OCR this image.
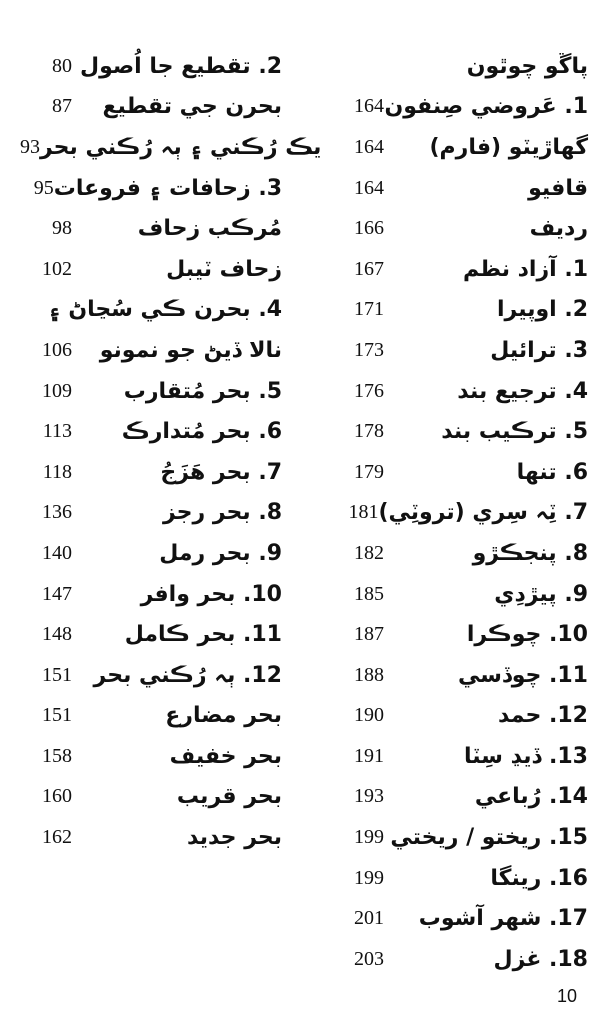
80 2. تقطيع جا اُصول
87 بحرن جي تقطيع
93 يڪ رُڪني ۽ ٻہ رُڪني بحر
95 3. زحافات ۽ فروعات
98	مُرڪب زحاف
102	زحاف ٽيبل
4. بحرن ڪي سُڃاڻ ۽
106 نالا ڏيڻ جو نمونو
109 5. بحر مُتقارب
113 6. بحر مُتدارڪ
118	7. بحر هَزَجُ
136	8. بحر رجز
140	9. بحر رمل
147	10. بحر وافر
148 11. بحر ڪامل
151 12. ٻہ رُڪني بحر
151	بحر مضارع
158	بحر خفيف
160	بحر قريب
162	بحر جديد
پاڱو چوٿون
164 1. عَروضي صِنفون
164 گهاڙيٽو (فارم)
164	قافيو
166	رديف
167	1. آزاد نظم
171	2. اوپيرا
173	3. ترائيل
176	4. ترجيع بند
178	5. ترڪيب بند
179	6. تنها
181 7. ٽِہ سِري (تروٽِي)
182	8. پنجڪڙو
185	9. پيڙدِي
187	10. چوڪرا
188	11. چوڏسي
190	12. حمد
191	13. ڏيڍ سِٽا
193	14. رُباعي
199 15. ريختو / ريختي
199	16. رينگا
201 17. شهر آشوب
203	18. غزل
10
